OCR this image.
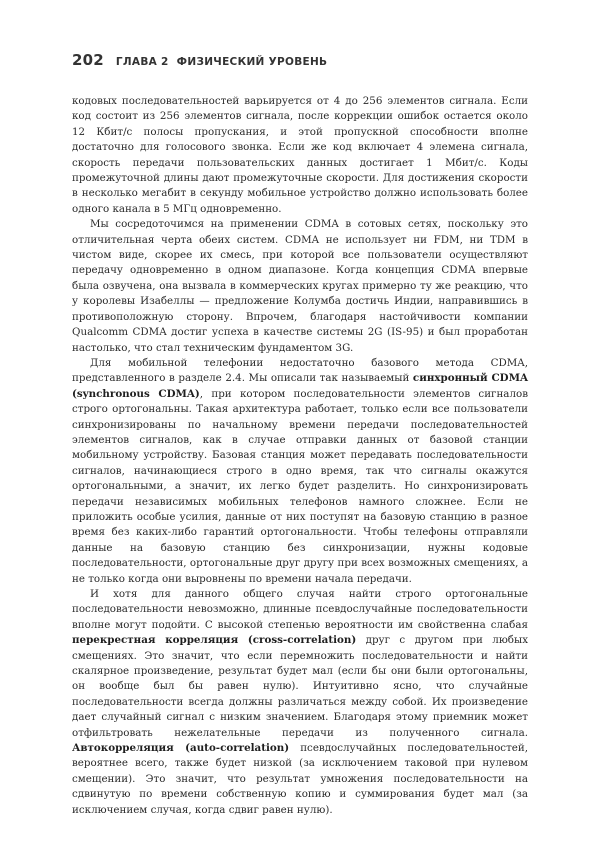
202 ГЛАВА 2 ФИЗИЧЕСКИЙ УРОВЕНЬ

кодовых последовательностей варьируется от 4 до 256 элементов сигнала. Если код состоит из 256 элементов сигнала, после коррекции ошибок остается около 12 Кбит/с полосы пропускания, и этой пропускной способности вполне достаточно для голосового звонка. Если же код включает 4 элемена сигнала, скорость передачи пользовательских данных достигает 1 Мбит/с. Коды промежуточной длины дают промежуточные скорости. Для достижения скорости в несколько мегабит в секунду мобильное устройство должно использовать более одного канала в 5 МГц одновременно.

Мы сосредоточимся на применении CDMA в сотовых сетях, поскольку это отличительная черта обеих систем. CDMA не использует ни FDM, ни TDM в чистом виде, скорее их смесь, при которой все пользователи осуществляют передачу одновременно в одном диапазоне. Когда концепция CDMA впервые была озвучена, она вызвала в коммерческих кругах примерно ту же реакцию, что у королевы Изабеллы — предложение Колумба достичь Индии, направившись в противоположную сторону. Впрочем, благодаря настойчивости компании Qualcomm CDMA достиг успеха в качестве системы 2G (IS-95) и был проработан настолько, что стал техническим фундаментом 3G.

Для мобильной телефонии недостаточно базового метода CDMA, представленного в разделе 2.4. Мы описали так называемый синхронный CDMA (synchronous CDMA), при котором последовательности элементов сигналов строго ортогональны. Такая архитектура работает, только если все пользователи синхронизированы по начальному времени передачи последовательностей элементов сигналов, как в случае отправки данных от базовой станции мобильному устройству. Базовая станция может передавать последовательности сигналов, начинающиеся строго в одно время, так что сигналы окажутся ортогональными, а значит, их легко будет разделить. Но синхронизировать передачи независимых мобильных телефонов намного сложнее. Если не приложить особые усилия, данные от них поступят на базовую станцию в разное время без каких-либо гарантий ортогональности. Чтобы телефоны отправляли данные на базовую станцию без синхронизации, нужны кодовые последовательности, ортогональные друг другу при всех возможных смещениях, а не только когда они выровнены по времени начала передачи.

И хотя для данного общего случая найти строго ортогональные последовательности невозможно, длинные псевдослучайные последовательности вполне могут подойти. С высокой степенью вероятности им свойственна слабая перекрестная корреляция (cross-correlation) друг с другом при любых смещениях. Это значит, что если перемножить последовательности и найти скалярное произведение, результат будет мал (если бы они были ортогональны, он вообще был бы равен нулю). Интуитивно ясно, что случайные последовательности всегда должны различаться между собой. Их произведение дает случайный сигнал с низким значением. Благодаря этому приемник может отфильтровать нежелательные передачи из полученного сигнала. Автокорреляция (auto-correlation) псевдослучайных последовательностей, вероятнее всего, также будет низкой (за исключением таковой при нулевом смещении). Это значит, что результат умножения последовательности на сдвинутую по времени собственную копию и суммирования будет мал (за исключением случая, когда сдвиг равен нулю).
